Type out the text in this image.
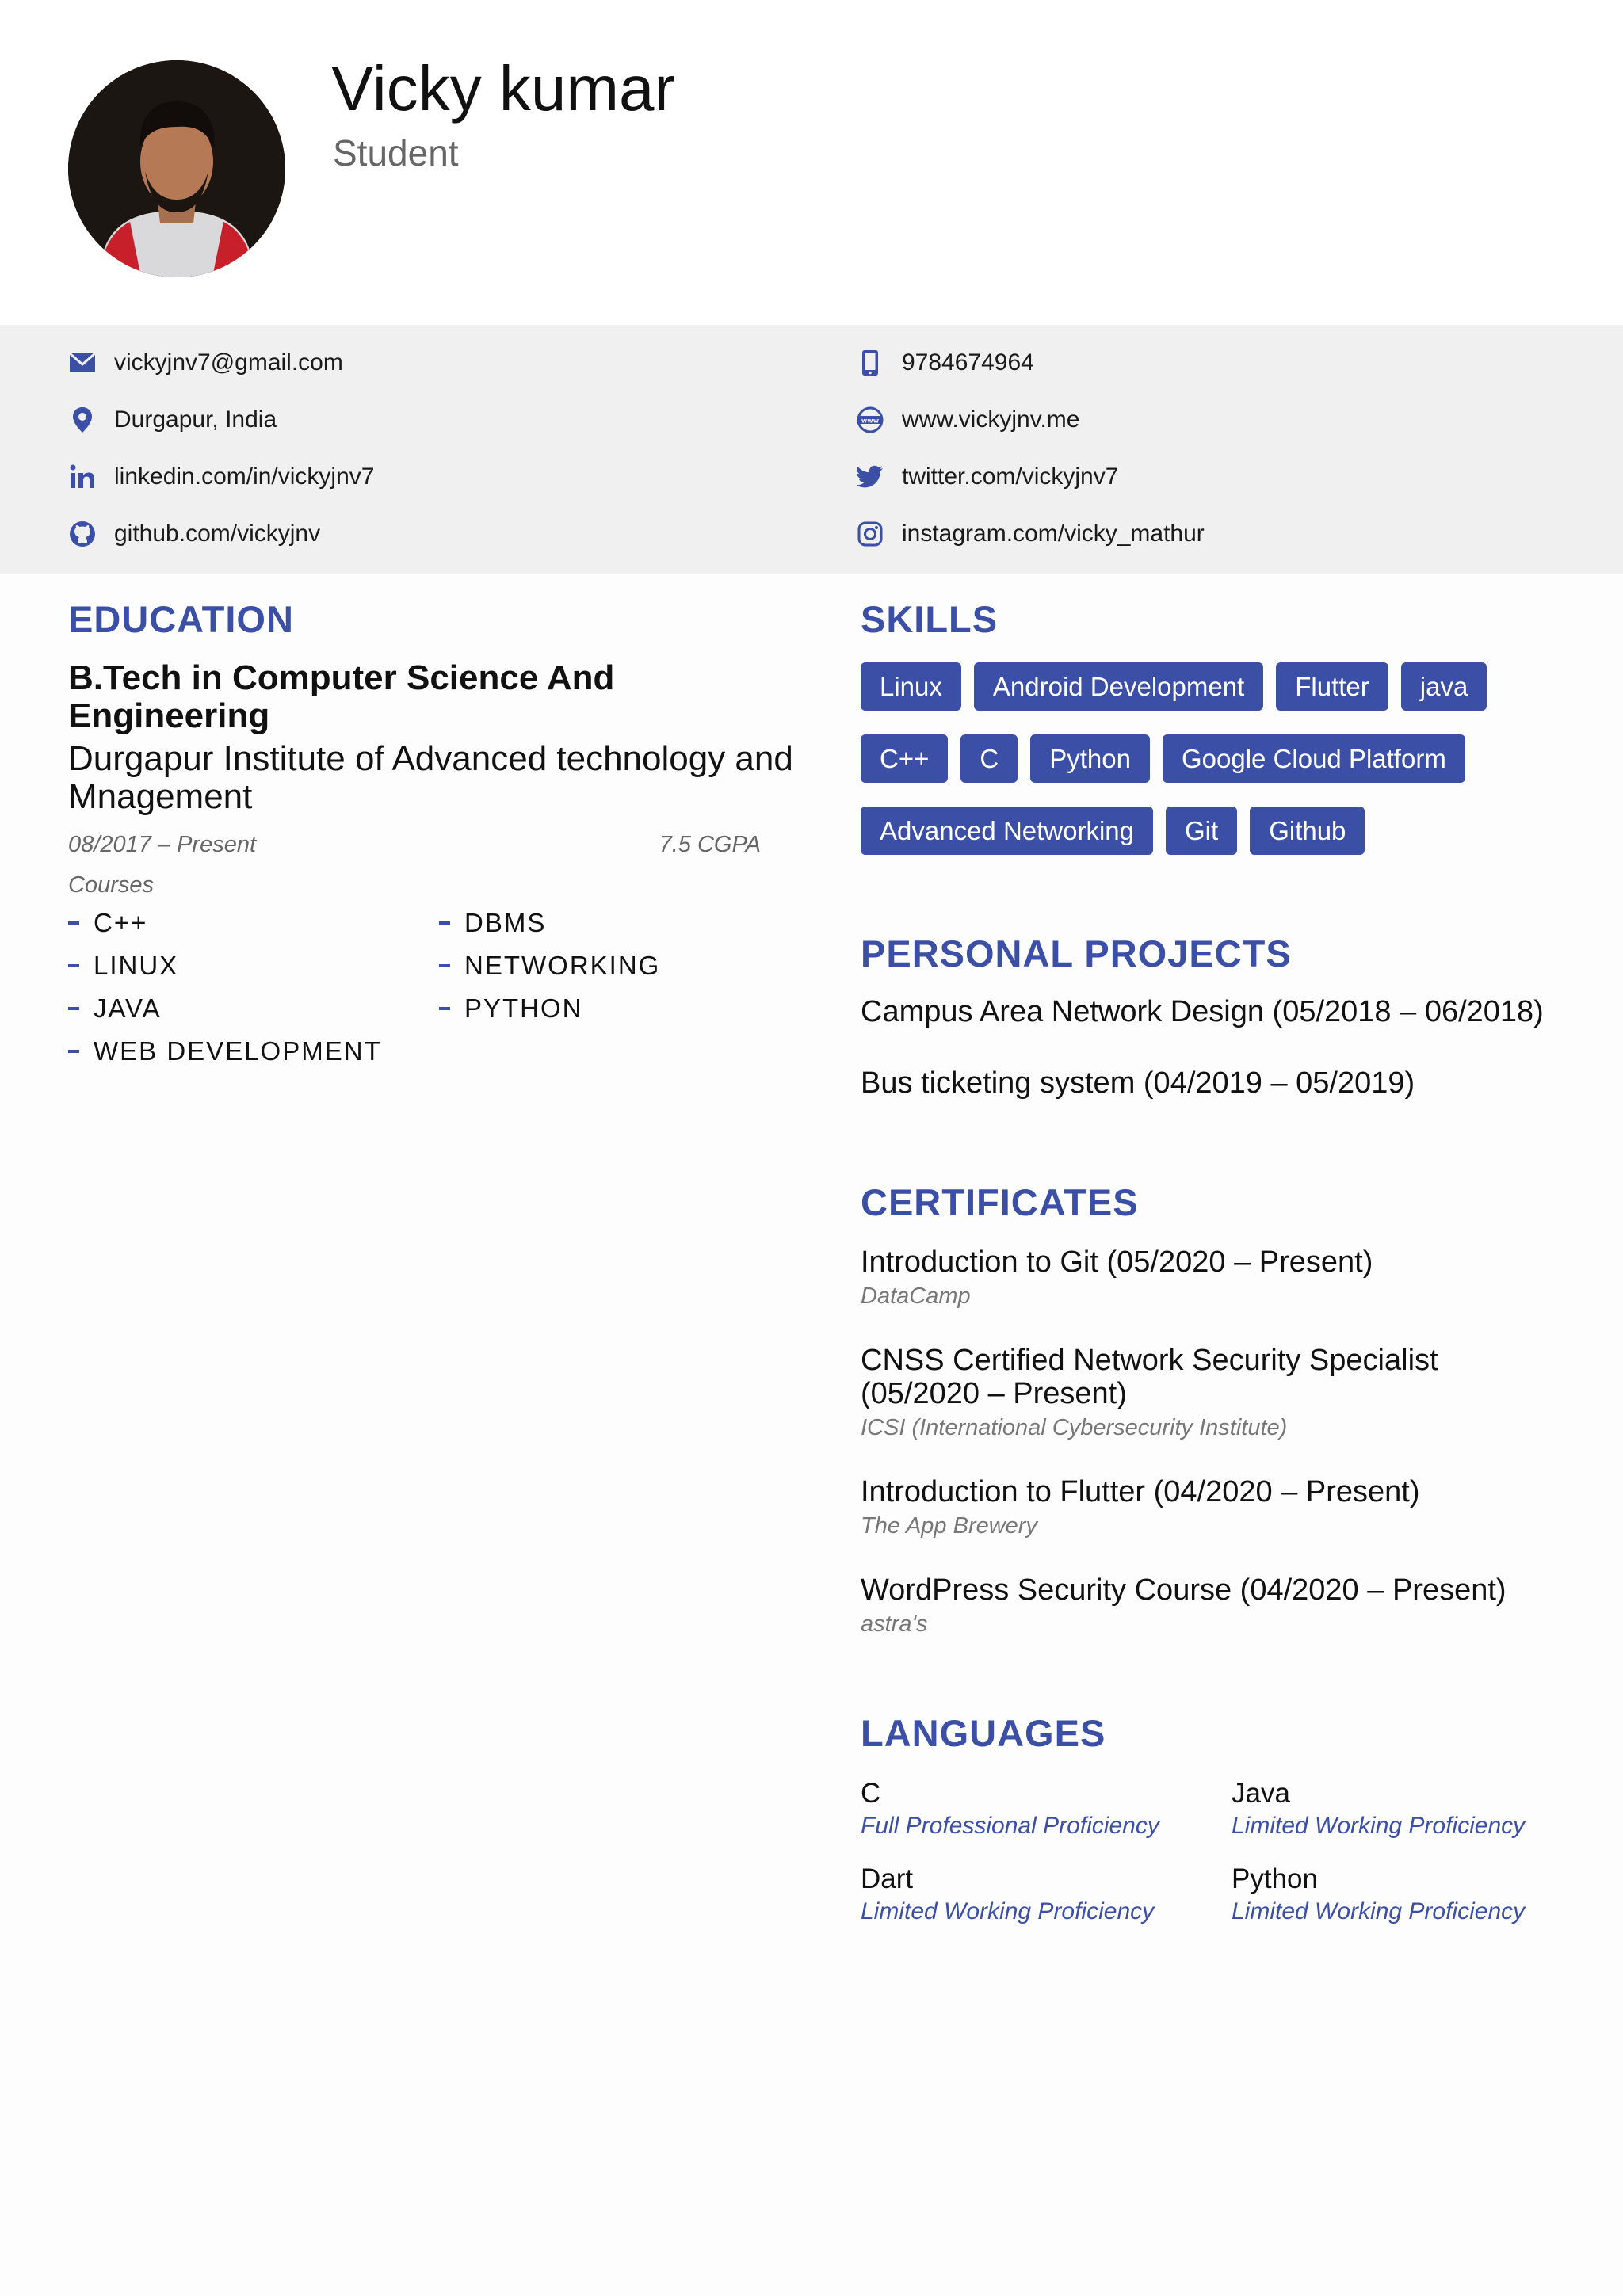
Vicky kumar
Student
vickyjnv7@gmail.com
Durgapur, India
linkedin.com/in/vickyjnv7
github.com/vickyjnv
9784674964
www www.vickyjnv.me
twitter.com/vickyjnv7
instagram.com/vicky_mathur
EDUCATION
B.Tech in Computer Science And Engineering
Durgapur Institute of Advanced technology and Mnagement
08/2017 – Present	7.5 CGPA
Courses
C++	DBMS
LINUX	NETWORKING
JAVA	PYTHON
WEB DEVELOPMENT
SKILLS
Linux	Android Development	Flutter	java
C++	C	Python	Google Cloud Platform
Advanced Networking	Git	Github
PERSONAL PROJECTS
Campus Area Network Design (05/2018 – 06/2018)
Bus ticketing system (04/2019 – 05/2019)
CERTIFICATES
Introduction to Git (05/2020 – Present)
DataCamp
CNSS Certified Network Security Specialist (05/2020 – Present)
ICSI (International Cybersecurity Institute)
Introduction to Flutter (04/2020 – Present)
The App Brewery
WordPress Security Course (04/2020 – Present)
astra's
LANGUAGES
C
Full Professional Proficiency
Java
Limited Working Proficiency
Dart
Limited Working Proficiency
Python
Limited Working Proficiency
